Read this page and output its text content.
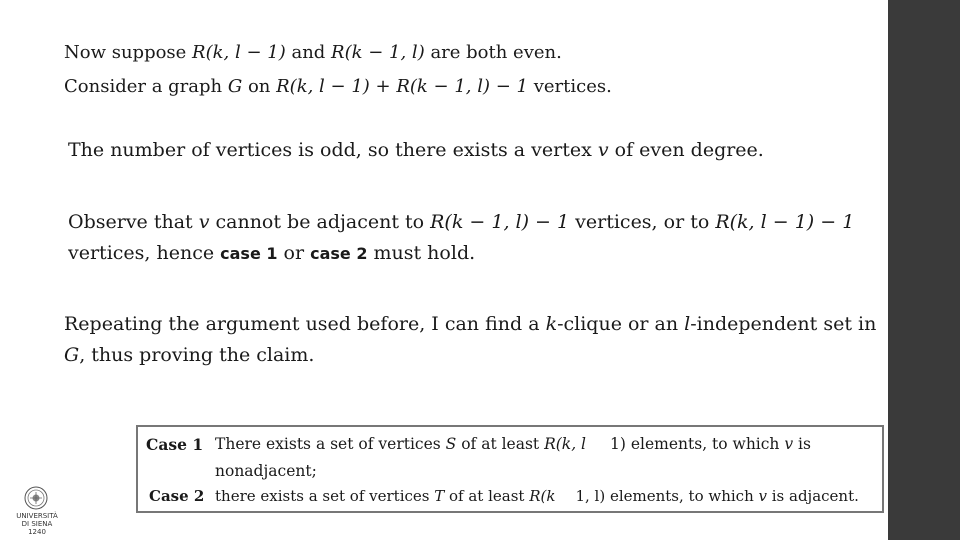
Now suppose R(k, l − 1) and R(k − 1, l) are both even.
Consider a graph G on R(k, l − 1) + R(k − 1, l) − 1 vertices.
The number of vertices is odd, so there exists a vertex v of even degree.
Observe that v cannot be adjacent to R(k − 1, l) − 1 vertices, or to R(k, l − 1) − 1
vertices, hence case 1 or case 2 must hold.
Repeating the argument used before, I can find a k-clique or an l-independent set in
G, thus proving the claim.
Case 1 There exists a set of vertices S of at least R(k, l 1) elements, to which v is
nonadjacent;
Case 2 there exists a set of vertices T of at least R(k 1, l) elements, to which v is adjacent.
UNIVERSITÀ
DI SIENA
1240
